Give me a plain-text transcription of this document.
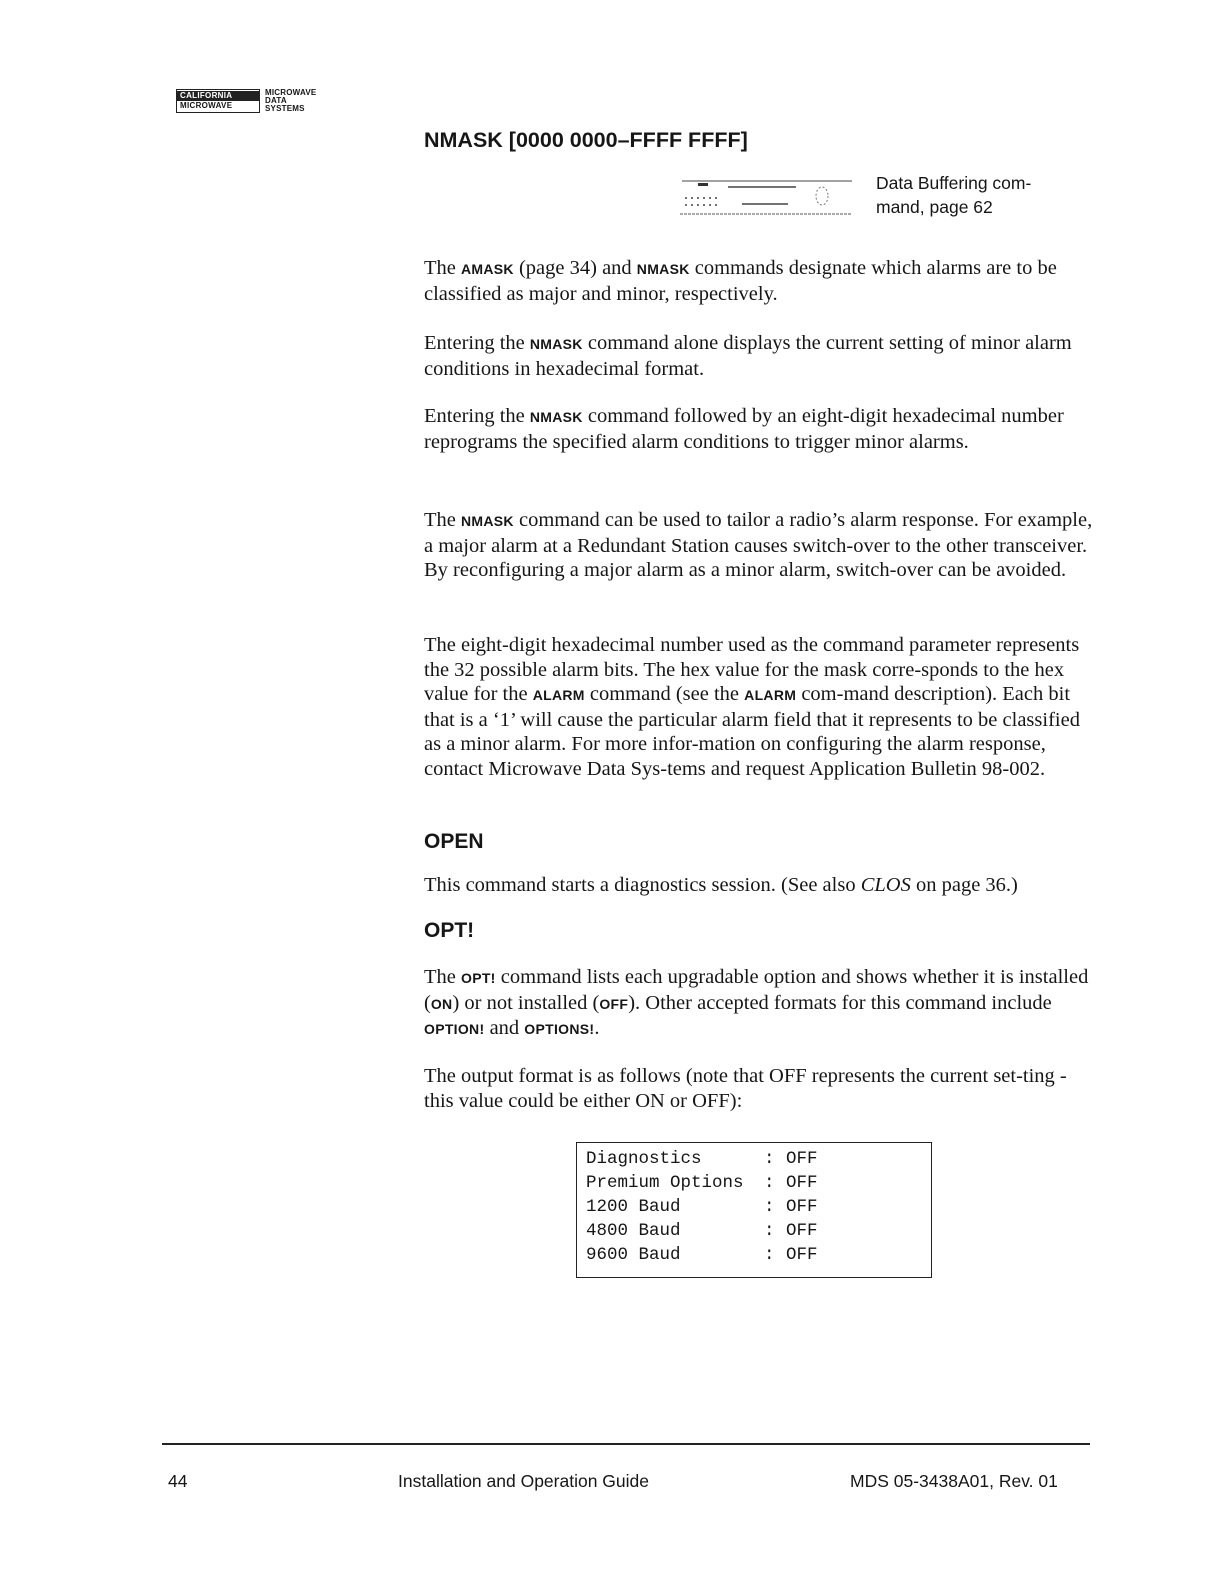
CALIFORNIA
MICROWAVE
MICROWAVE
DATA
SYSTEMS
NMASK [0000 0000–FFFF FFFF]
Data Buffering com-mand, page 62

The AMASK (page 34) and NMASK commands designate which alarms are to be classified as major and minor, respectively.

Entering the NMASK command alone displays the current setting of minor alarm conditions in hexadecimal format.

Entering the NMASK command followed by an eight-digit hexadecimal number reprograms the specified alarm conditions to trigger minor alarms.

The NMASK command can be used to tailor a radio’s alarm response. For example, a major alarm at a Redundant Station causes switch-over to the other transceiver. By reconfiguring a major alarm as a minor alarm, switch-over can be avoided.

The eight-digit hexadecimal number used as the command parameter represents the 32 possible alarm bits. The hex value for the mask corre-sponds to the hex value for the ALARM command (see the ALARM com-mand description). Each bit that is a ‘1’ will cause the particular alarm field that it represents to be classified as a minor alarm. For more infor-mation on configuring the alarm response, contact Microwave Data Sys-tems and request Application Bulletin 98-002.

OPEN

This command starts a diagnostics session. (See also CLOS on page 36.)

OPT!

The OPT! command lists each upgradable option and shows whether it is installed (ON) or not installed (OFF). Other accepted formats for this command include OPTION! and OPTIONS!.

The output format is as follows (note that OFF represents the current set-ting - this value could be either ON or OFF):

Diagnostics	: OFF
Premium Options	: OFF
1200 Baud	: OFF
4800 Baud	: OFF
9600 Baud	: OFF
44	Installation and Operation Guide	MDS 05-3438A01, Rev. 01
